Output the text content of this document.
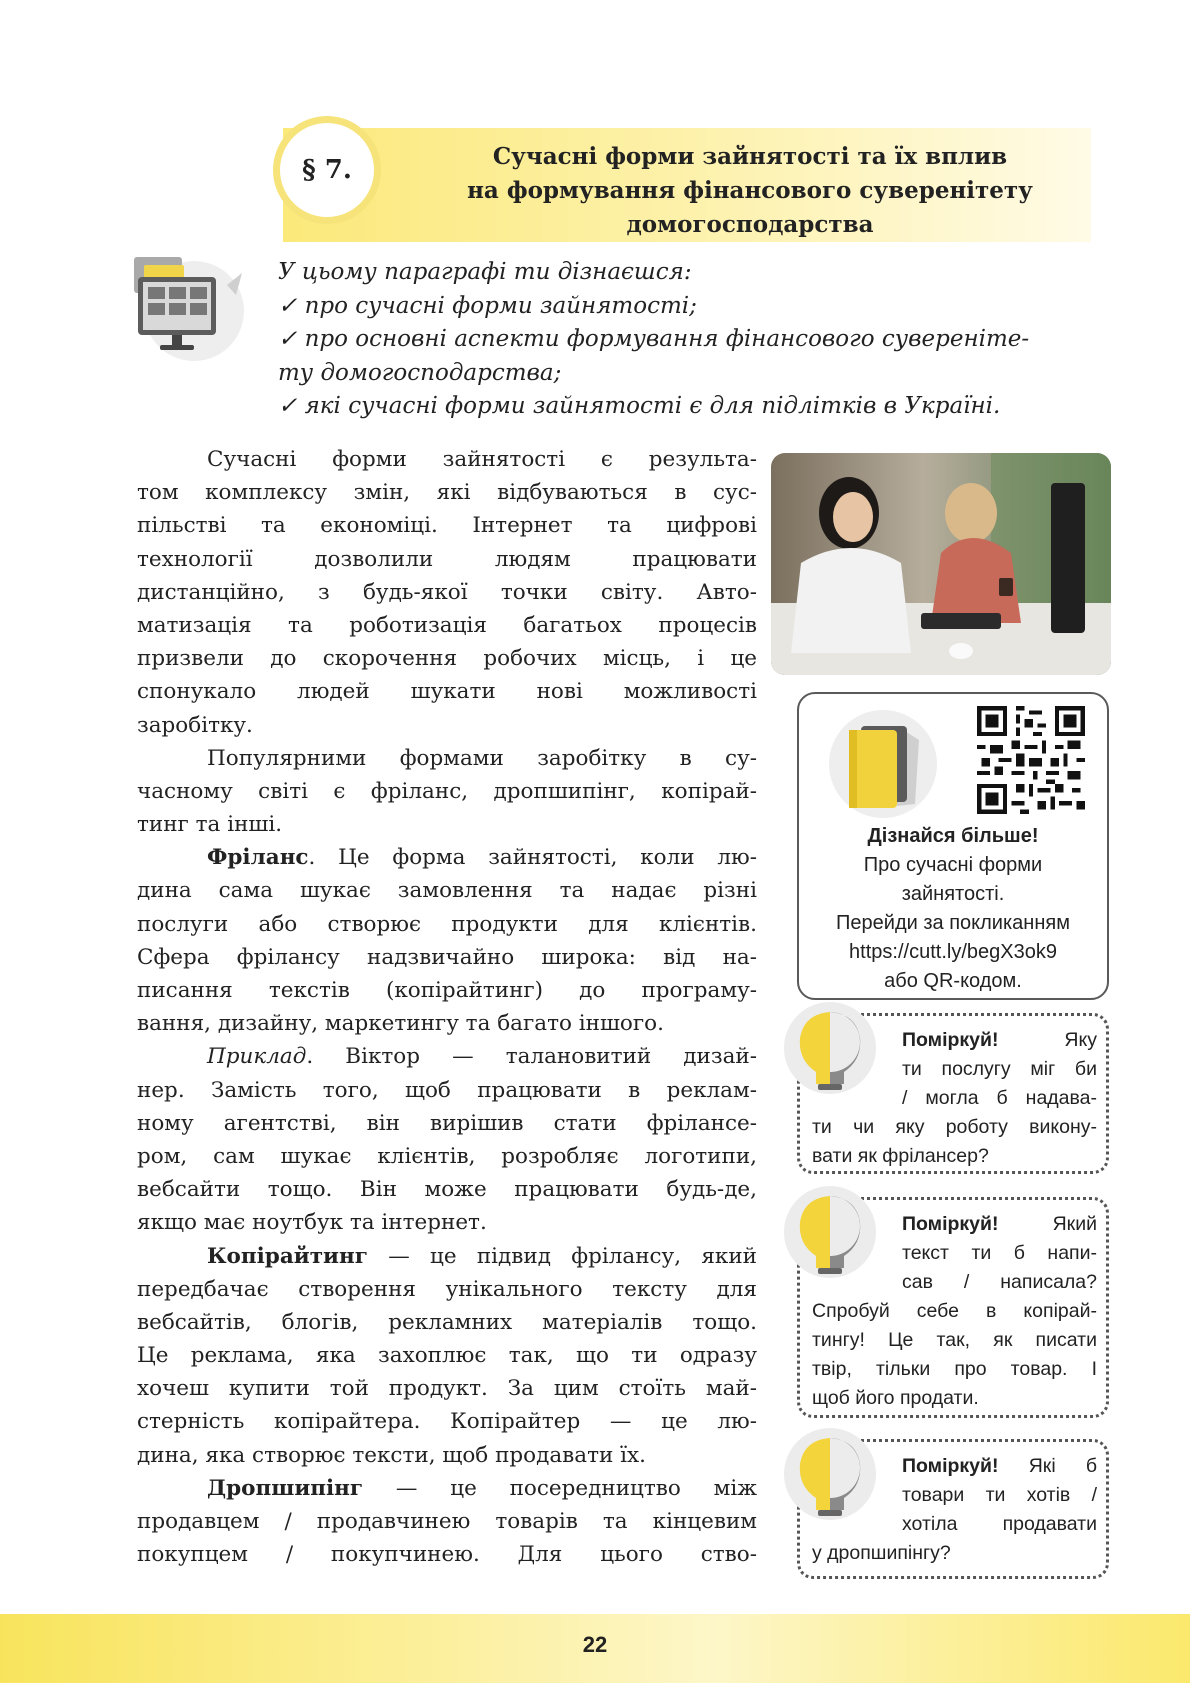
§ 7.	Сучасні форми зайнятості та їх вплив
на формування фінансового суверенітету
домогосподарства
У цьому параграфі ти дізнаєшся:
✓ про сучасні форми зайнятості;
✓ про основні аспекти формування фінансового сувереніте-
ту домогосподарства;
✓ які сучасні форми зайнятості є для підлітків в Україні.
Сучасні форми зайнятості є результа-
том комплексу змін, які відбуваються в сус-
пільстві та економіці. Інтернет та цифрові
технології дозволили людям працювати
дистанційно, з будь-якої точки світу. Авто-
матизація та роботизація багатьох процесів
призвели до скорочення робочих місць, і це
спонукало людей шукати нові можливості
заробітку.
Популярними формами заробітку в су-
часному світі є фріланс, дропшипінг, копірай-
тинг та інші.
Фріланс. Це форма зайнятості, коли лю-
дина сама шукає замовлення та надає різні
послуги або створює продукти для клієнтів.
Сфера фрілансу надзвичайно широка: від на-
писання текстів (копірайтинг) до програму-
вання, дизайну, маркетингу та багато іншого.
Приклад. Віктор — талановитий дизай-
нер. Замість того, щоб працювати в реклам-
ному агентстві, він вирішив стати фрілансе-
ром, сам шукає клієнтів, розробляє логотипи,
вебсайти тощо. Він може працювати будь-де,
якщо має ноутбук та інтернет.
Копірайтинг — це підвид фрілансу, який
передбачає створення унікального тексту для
вебсайтів, блогів, рекламних матеріалів тощо.
Це реклама, яка захоплює так, що ти одразу
хочеш купити той продукт. За цим стоїть май-
стерність копірайтера. Копірайтер — це лю-
дина, яка створює тексти, щоб продавати їх.
Дропшипінг — це посередництво між
продавцем / продавчинею товарів та кінцевим
покупцем / покупчинею. Для цього ство-
Дізнайся більше!
Про сучасні форми
зайнятості.
Перейди за покликанням
https://cutt.ly/begX3ok9
або QR-кодом.
Поміркуй!	Яку
ти послугу міг би
/ могла б надава-
ти чи яку роботу викону-
вати як фрілансер?
Поміркуй!	Який
текст ти б напи-
сав / написала?
Спробуй себе в копірай-
тингу! Це так, як писати
твір, тільки про товар. І
щоб його продати.
Поміркуй! Які б
товари ти хотів /
хотіла продавати
у дропшипінгу?
22
